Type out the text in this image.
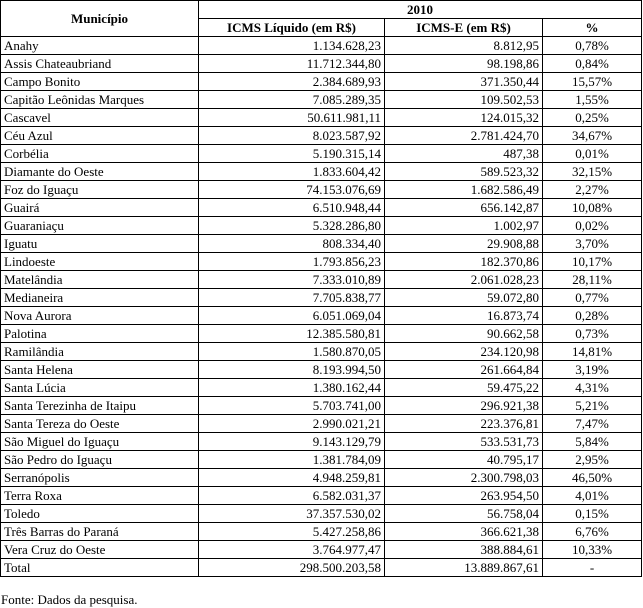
Município	2010		
	ICMS Líquido (em R$)	ICMS-E (em R$)	%
Anahy	1.134.628,23	8.812,95	0,78%
Assis Chateaubriand	11.712.344,80	98.198,86	0,84%
Campo Bonito	2.384.689,93	371.350,44	15,57%
Capitão Leônidas Marques	7.085.289,35	109.502,53	1,55%
Cascavel	50.611.981,11	124.015,32	0,25%
Céu Azul	8.023.587,92	2.781.424,70	34,67%
Corbélia	5.190.315,14	487,38	0,01%
Diamante do Oeste	1.833.604,42	589.523,32	32,15%
Foz do Iguaçu	74.153.076,69	1.682.586,49	2,27%
Guairá	6.510.948,44	656.142,87	10,08%
Guaraniaçu	5.328.286,80	1.002,97	0,02%
Iguatu	808.334,40	29.908,88	3,70%
Lindoeste	1.793.856,23	182.370,86	10,17%
Matelândia	7.333.010,89	2.061.028,23	28,11%
Medianeira	7.705.838,77	59.072,80	0,77%
Nova Aurora	6.051.069,04	16.873,74	0,28%
Palotina	12.385.580,81	90.662,58	0,73%
Ramilândia	1.580.870,05	234.120,98	14,81%
Santa Helena	8.193.994,50	261.664,84	3,19%
Santa Lúcia	1.380.162,44	59.475,22	4,31%
Santa Terezinha de Itaipu	5.703.741,00	296.921,38	5,21%
Santa Tereza do Oeste	2.990.021,21	223.376,81	7,47%
São Miguel do Iguaçu	9.143.129,79	533.531,73	5,84%
São Pedro do Iguaçu	1.381.784,09	40.795,17	2,95%
Serranópolis	4.948.259,81	2.300.798,03	46,50%
Terra Roxa	6.582.031,37	263.954,50	4,01%
Toledo	37.357.530,02	56.758,04	0,15%
Três Barras do Paraná	5.427.258,86	366.621,38	6,76%
Vera Cruz do Oeste	3.764.977,47	388.884,61	10,33%
Total	298.500.203,58	13.889.867,61	-
Fonte: Dados da pesquisa.
